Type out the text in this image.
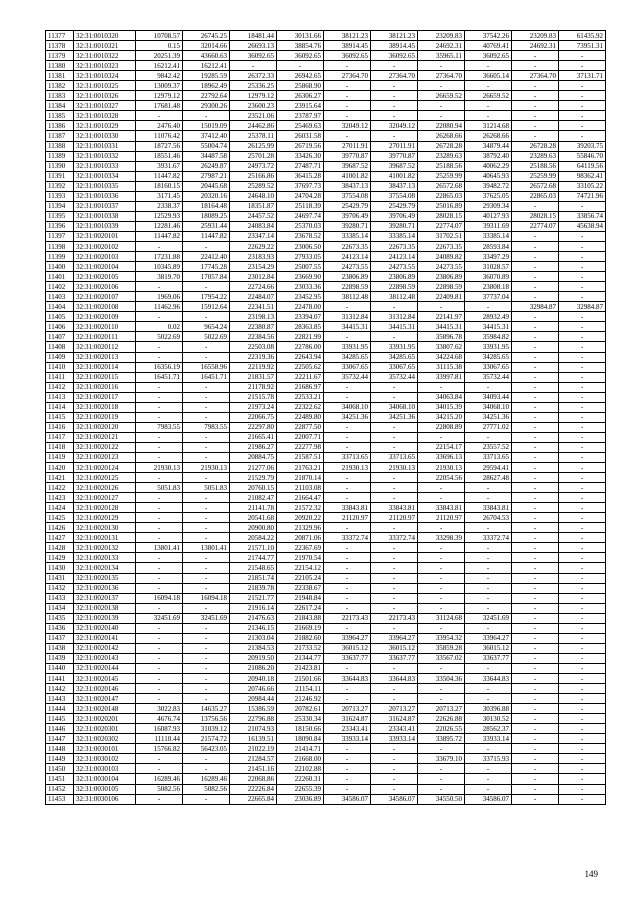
11377	32:31:0010320	10708.57	26745.25	18481.44	30131.66	38121.23	38121.23	23209.83	37542.26	23209.83	61435.92
11378	32:31:0010321	0.15	32014.66	26693.13	38854.76	38914.45	38914.45	24692.31	40769.41	24692.31	73951.31
11379	32:31:0010322	20251.39	43660.63	36092.65	36092.65	36092.65	36092.65	35965.11	36092.65	-	-
11380	32:31:0010323	16212.41	16212.41	-	-	-	-	-	-	-	-
11381	32:31:0010324	9842.42	19285.59	26372.33	26942.65	27364.70	27364.70	27364.70	36605.14	27364.70	37131.71
11382	32:31:0010325	13009.37	18962.49	25336.25	25868.90	-	-	-	-	-	-
11383	32:31:0010326	12979.12	22792.64	12979.12	26306.27	-	-	26659.52	26659.52	-	-
11384	32:31:0010327	17681.48	29300.26	23600.23	23915.64	-	-	-	-	-	-
11385	32:31:0010328	-	-	23521.06	23787.97	-	-	-	-	-	-
11386	32:31:0010329	2476.40	15019.09	24462.86	25469.63	32049.12	32049.12	22080.94	31214.68	-	-
11387	32:31:0010330	11076.42	37412.40	25378.11	26031.58	-	-	26268.66	26268.66	-	-
11388	32:31:0010331	18727.56	55004.74	26125.99	26719.56	27011.91	27011.91	26728.28	34879.44	26728.28	39203.75
11389	32:31:0010332	18551.46	34487.58	25701.28	33426.30	39770.87	39770.87	23289.63	38792.40	23289.63	55846.70
11390	32:31:0010333	3931.67	26249.87	24973.72	27487.71	39687.52	39687.52	25188.56	40062.29	25188.56	64119.56
11391	32:31:0010334	11447.82	27987.21	25166.86	36415.28	41001.82	41001.82	25259.99	40645.93	25259.99	98362.41
11392	32:31:0010335	18160.15	20445.68	25289.52	37697.73	38437.13	38437.13	26572.68	39482.72	26572.68	33105.22
11393	32:31:0010336	3171.45	20320.16	24648.10	24704.28	37554.08	37554.08	22865.03	37625.05	22865.03	74721.96
11394	32:31:0010337	2338.37	18164.48	18351.87	25118.39	25429.79	25429.79	25016.89	29309.34	-	-
11395	32:31:0010338	12529.93	18089.25	24457.52	24697.74	39706.49	39706.49	28028.15	40127.93	28028.15	33856.74
11396	32:31:0010339	12281.46	25931.44	24083.84	25370.03	39280.71	39280.71	22774.07	39311.69	22774.07	45638.94
11397	32:31:0020101	11447.82	11447.82	23347.14	23678.52	33385.14	33385.14	31702.51	33385.14	-	-
11398	32:31:0020102	-	-	22629.22	23006.50	22673.35	22673.35	22673.35	28593.84	-	-
11399	32:31:0020103	17231.88	22412.40	23183.93	27933.05	24123.14	24123.14	24089.82	33497.29	-	-
11400	32:31:0020104	10345.89	17745.28	23154.29	25007.55	24273.55	24273.55	24273.55	31028.57	-	-
11401	32:31:0020105	3819.70	17057.84	23012.84	23669.90	23806.89	23806.89	23806.89	36070.89	-	-
11402	32:31:0020106	-	-	22724.66	23033.36	22898.59	22898.59	22898.59	23808.18	-	-
11403	32:31:0020107	1969.06	17954.22	22484.07	23452.95	38112.48	38112.48	22409.81	37737.04	-	-
11404	32:31:0020108	11462.96	15912.64	22341.51	22478.00	-	-	-	-	32984.87	32984.87
11405	32:31:0020109	-	-	23198.13	23394.07	31312.84	31312.84	22141.97	28932.49	-	-
11406	32:31:0020110	0.02	9654.24	22380.87	28363.85	34415.31	34415.31	34415.31	34415.31	-	-
11407	32:31:0020111	5022.69	5022.69	22384.56	22821.99	-	-	35896.78	35984.82	-	-
11408	32:31:0020112	-	-	22503.08	22786.00	33931.95	33931.95	33807.62	33931.95	-	-
11409	32:31:0020113	-	-	22319.36	22643.94	34285.65	34285.65	34224.68	34285.65	-	-
11410	32:31:0020114	16356.19	16558.96	22119.92	22505.62	33067.65	33067.65	31115.38	33067.65	-	-
11411	32:31:0020115	16451.71	16451.71	21831.57	22211.67	35732.44	35732.44	33997.81	35732.44	-	-
11412	32:31:0020116	-	-	21178.92	21686.97	-	-	-	-	-	-
11413	32:31:0020117	-	-	21515.78	22533.21	-	-	34063.84	34093.44	-	-
11414	32:31:0020118	-	-	21973.24	22322.62	34068.10	34068.10	34015.39	34068.10	-	-
11415	32:31:0020119	-	-	22066.75	22489.80	34251.36	34251.36	34215.20	34251.36	-	-
11416	32:31:0020120	7983.55	7983.55	22297.80	22877.50	-	-	22808.89	27771.02	-	-
11417	32:31:0020121	-	-	21665.41	22007.71	-	-	-	-	-	-
11418	32:31:0020122	-	-	21986.27	22277.98	-	-	22154.17	23557.52	-	-
11419	32:31:0020123	-	-	20884.75	21587.51	33713.65	33713.65	33696.13	33713.65	-	-
11420	32:31:0020124	21930.13	21930.13	21277.06	21763.21	21930.13	21930.13	21930.13	29594.41	-	-
11421	32:31:0020125	-	-	21529.79	21870.14	-	-	22054.56	28627.48	-	-
11422	32:31:0020126	5051.83	5051.83	20760.15	21103.08	-	-	-	-	-	-
11423	32:31:0020127	-	-	21082.47	21664.47	-	-	-	-	-	-
11424	32:31:0020128	-	-	21141.78	21572.32	33843.81	33843.81	33843.81	33843.81	-	-
11425	32:31:0020129	-	-	20541.68	20920.22	21120.97	21120.97	21120.97	26704.53	-	-
11426	32:31:0020130	-	-	20900.80	21329.96	-	-	-	-	-	-
11427	32:31:0020131	-	-	20584.22	20871.06	33372.74	33372.74	33298.39	33372.74	-	-
11428	32:31:0020132	13801.41	13801.41	21571.10	22367.69	-	-	-	-	-	-
11429	32:31:0020133	-	-	21744.77	21970.54	-	-	-	-	-	-
11430	32:31:0020134	-	-	21548.65	22154.12	-	-	-	-	-	-
11431	32:31:0020135	-	-	21851.74	22105.24	-	-	-	-	-	-
11432	32:31:0020136	-	-	21839.78	22338.67	-	-	-	-	-	-
11433	32:31:0020137	16094.18	16094.18	21521.77	21948.84	-	-	-	-	-	-
11434	32:31:0020138	-	-	21916.14	22617.24	-	-	-	-	-	-
11435	32:31:0020139	32451.69	32451.69	21476.63	21843.88	22173.43	22173.43	31124.68	32451.69	-	-
11436	32:31:0020140	-	-	21346.15	21669.19	-	-	-	-	-	-
11437	32:31:0020141	-	-	21303.04	21882.60	33964.27	33964.27	33954.32	33964.27	-	-
11438	32:31:0020142	-	-	21384.53	21733.52	36015.12	36015.12	35859.28	36015.12	-	-
11439	32:31:0020143	-	-	20919.50	21344.77	33637.77	33637.77	33567.02	33637.77	-	-
11440	32:31:0020144	-	-	21086.20	21423.81	-	-	-	-	-	-
11441	32:31:0020145	-	-	20940.18	21501.66	33644.83	33644.83	33504.36	33644.83	-	-
11442	32:31:0020146	-	-	20746.66	21154.11	-	-	-	-	-	-
11443	32:31:0020147	-	-	20984.44	21246.92	-	-	-	-	-	-
11444	32:31:0020148	3022.83	14635.27	15386.59	20782.61	20713.27	20713.27	20713.27	30396.88	-	-
11445	32:31:0020201	4676.74	13756.56	22796.88	25330.34	31624.87	31624.87	22626.88	30130.52	-	-
11446	32:31:0020301	16087.93	31039.12	21074.93	18150.66	23343.41	23343.41	22026.55	28562.37	-	-
11447	32:31:0020302	11110.44	21574.72	16139.51	18090.84	33933.14	33933.14	33895.72	33933.14	-	-
11448	32:31:0030101	15766.82	56423.05	21022.19	21414.71	-	-	-	-	-	-
11449	32:31:0030102	-	-	21284.57	21668.00	-	-	33679.10	33715.93	-	-
11450	32:31:0030103	-	-	21451.16	22102.88	-	-	-	-	-	-
11451	32:31:0030104	16289.46	16289.46	22068.86	22260.31	-	-	-	-	-	-
11452	32:31:0030105	5082.56	5082.56	22226.84	22655.39	-	-	-	-	-	-
11453	32:31:0030106	-	-	22665.84	23036.89	34586.07	34586.07	34550.50	34586.07	-	-
149
